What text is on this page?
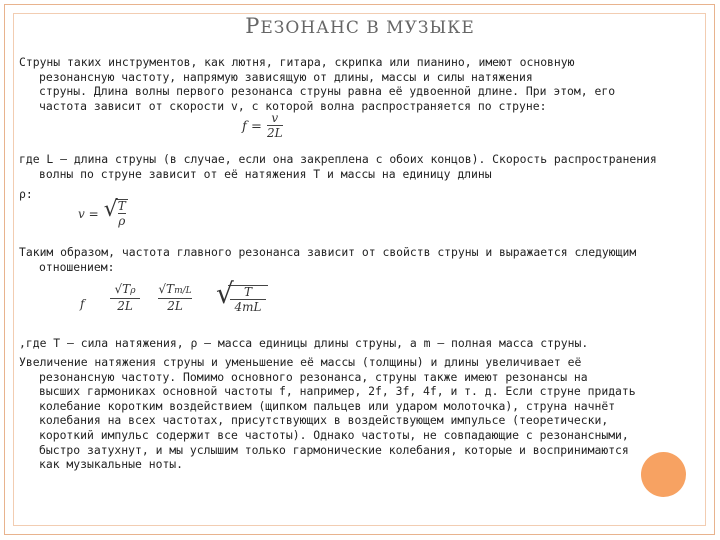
РЕЗОНАНС В МУЗЫКЕ
Струны таких инструментов, как лютня, гитара, скрипка или пианино, имеют основную
резонансную частоту, напрямую зависящую от длины, массы и силы натяжения
струны. Длина волны первого резонанса струны равна её удвоенной длине. При этом, его
частота зависит от скорости v, с которой волна распространяется по струне:
$f = \frac{v}{2L}$
где L — длина струны (в случае, если она закреплена с обоих концов). Скорость распространения
волны по струне зависит от её натяжения T и массы на единицу длины
ρ:
v = √
$\frac{T}{\rho}$
Таким образом, частота главного резонанса зависит от свойств струны и выражается следующим
отношением:
f
√Tρ
2L
√Tm/L
2L	√
$\frac{T}{4mL}$
,где T — сила натяжения, ρ — масса единицы длины струны, а m — полная масса струны.
Увеличение натяжения струны и уменьшение её массы (толщины) и длины увеличивает её
резонансную частоту. Помимо основного резонанса, струны также имеют резонансы на
высших гармониках основной частоты f, например, 2f, 3f, 4f, и т. д. Если струне придать
колебание коротким воздействием (щипком пальцев или ударом молоточка), струна начнёт
колебания на всех частотах, присутствующих в воздействующем импульсе (теоретически,
короткий импульс содержит все частоты). Однако частоты, не совпадающие с резонансными,
быстро затухнут, и мы услышим только гармонические колебания, которые и воспринимаются
как музыкальные ноты.
